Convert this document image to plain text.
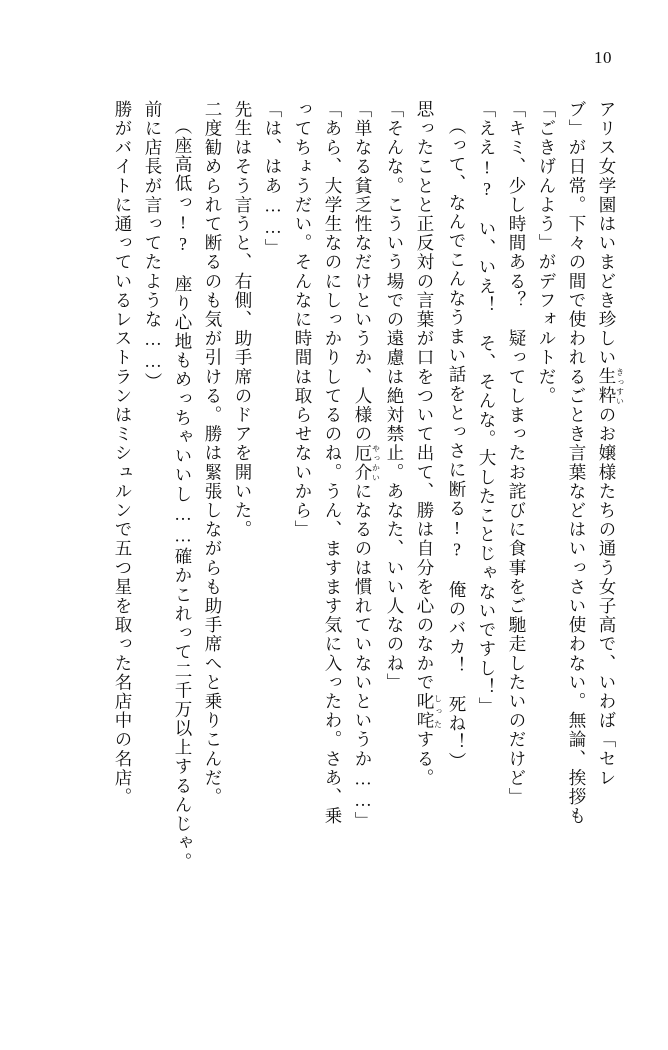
10
アリス女学園はいまどき珍しい生粋きっすいのお嬢様たちの通う女子高で、いわば「セレ
ブ」が日常。下々の間で使われるごとき言葉などはいっさい使わない。無論、挨拶も
「ごきげんよう」がデフォルトだ。
「キミ、少し時間ある？　疑ってしまったお詫びに食事をご馳走したいのだけど」
「ええ!?　い、いえ！　そ、そんな。大したことじゃないですし！」
（って、なんでこんなうまい話をとっさに断る!?　俺のバカ！　死ね！）
思ったことと正反対の言葉が口をついて出て、勝は自分を心のなかで叱咤しったする。
「そんな。こういう場での遠慮は絶対禁止。あなた、いい人なのね」
「単なる貧乏性なだけというか、人様の厄介やっかいになるのは慣れていないというか……」
「あら、大学生なのにしっかりしてるのね。うん、ますます気に入ったわ。さあ、乗
ってちょうだい。そんなに時間は取らせないから」
「は、はあ……」
先生はそう言うと、右側、助手席のドアを開いた。
二度勧められて断るのも気が引ける。勝は緊張しながらも助手席へと乗りこんだ。
（座高低っ!?　座り心地もめっちゃいいし……確かこれって二千万以上するんじゃ。
前に店長が言ってたような……）
勝がバイトに通っているレストランはミシュルンで五つ星を取った名店中の名店。
